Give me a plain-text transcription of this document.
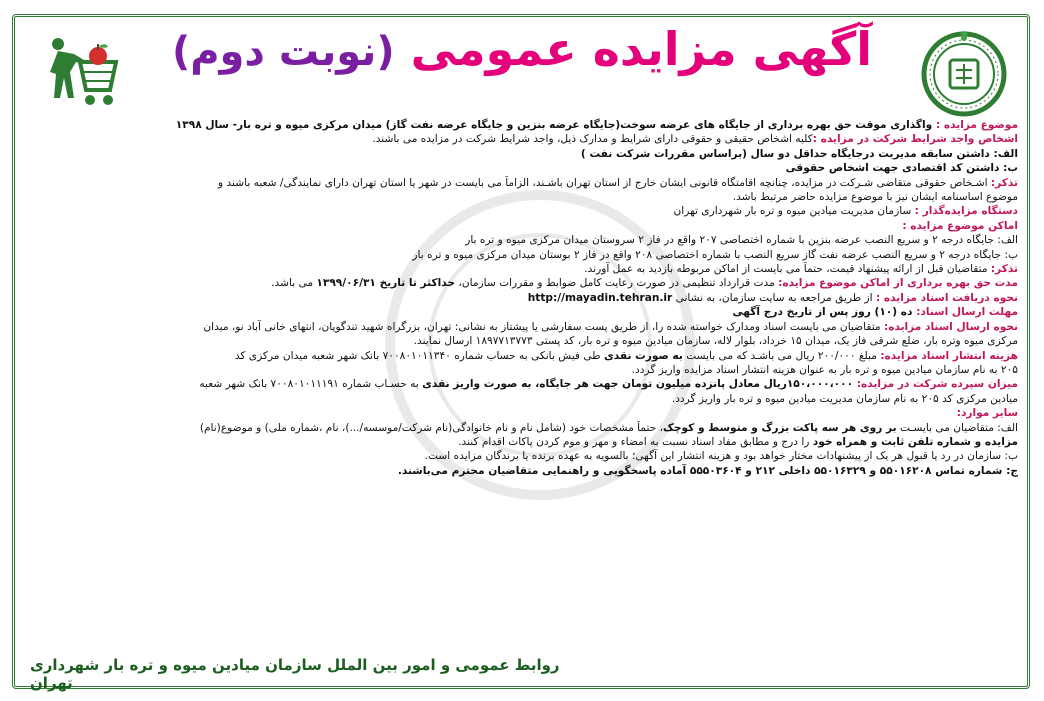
آگهی مزایده عمومی (نوبت دوم)
موضوع مزایده : واگذاری موقت حق بهره برداری از جایگاه های عرضه سوخت(جایگاه عرضه بنزین و جایگاه عرضه نفت گاز) میدان مرکزی میوه و تره بار- سال ۱۳۹۸
اشخاص واجد شرایط شرکت در مزایده :کلیه اشخاص حقیقی و حقوقی دارای شرایط و مدارک ذیل، واجد شرایط شرکت در مزایده می باشند.
الف: داشتن سابقه مدیریت درجایگاه حداقل دو سال (براساس مقررات شرکت نفت )
ب: داشتن کد اقتصادی جهت اشخاص حقوقی
تذکر: اشـخاص حقوقی متقاضی شـرکت در مزایده، چنانچه اقامتگاه قانونی ایشان خارج از استان تهران باشـند، الزاماً می بایست در شهر یا استان تهران دارای نمایندگی/ شعبه باشند و
موضوع اساسنامه ایشان نیز با موضوع مزایده حاضر مرتبط باشد.
دستگاه مزایده‌گذار : سازمان مدیریت میادین میوه و تره بار شهرداری تهران
اماکن موضوع مزایده :
الف: جایگاه درجه ۲ و سریع النصب عرضه بنزین با شماره اختصاصی ۲۰۷ واقع در فاز ۲ سروستان میدان مرکزی میوه و تره بار
ب: جایگاه درجه ۲ و سریع النصب عرضه نفت گاز سریع النصب با شماره اختصاصی ۲۰۸ واقع در فاز ۲ بوستان میدان مرکزی میوه و تره بار
تذکر: متقاضیان قبل از ارائه پیشنهاد قیمت، حتماً می بایست از اماکن مربوطه بازدید به عمل آورند.
مدت حق بهره برداری از اماکن موضوع مزایده: مدت قرارداد تنظیمی در صورت رعایت کامل ضوابط و مقررات سازمان، حداکثر تا تاریخ ۱۳۹۹/۰۶/۳۱ می باشد.
نحوه دریافت اسناد مزایده : از طریق مراجعه به سایت سازمان، به نشانی http://mayadin.tehran.ir
مهلت ارسال اسناد: ده (۱۰) روز پس از تاریخ درج آگهی
نحوه ارسال اسناد مزایده: متقاضیان می بایست اسناد ومدارک خواسته شده را، از طریق پست سفارشی یا پیشتاز به نشانی: تهران، بزرگراه شهید تندگویان، انتهای خانی آباد نو، میدان
مرکزی میوه وتره بار، ضلع شرقی فاز یک، میدان ۱۵ خرداد، بلوار لاله، سازمان میادین میوه و تره بار، کد پستی ۱۸۹۷۷۱۳۷۷۳ ارسال نمایند.
هزینه انتشار اسناد مزایده: مبلغ ۲۰۰/۰۰۰ ریال می باشـد که می بایست به صورت نقدی طی فیش بانکی به حساب شماره ۷۰۰۸۰۱۰۱۱۳۴۰ بانک شهر شعبه میدان مرکزی کد
۲۰۵ به نام سازمان میادین میوه و تره بار به عنوان هزینه انتشار اسناد مزایده واریز گردد.
میزان سپرده شرکت در مزایده: ۱۵۰،۰۰۰،۰۰۰ریال معادل پانزده میلیون تومان جهت هر جایگاه، به صورت واریز نقدی به حسـاب شماره ۷۰۰۸۰۱۰۱۱۱۹۱ بانک شهر شعبه
میادین مرکزی کد ۲۰۵ به نام سازمان مدیریت میادین میوه و تره بار واریز گردد.
سایر موارد:
الف: متقاضیان می بایسـت بر روی هر سه پاکت بزرگ و متوسط و کوچک، حتماً مشخصات خود (شامل نام و نام خانوادگی(نام شرکت/موسسه/...)، نام ،شماره ملی) و موضوع(نام)
مزایده و شماره تلفن ثابت و همراه خود را درج و مطابق مفاد اسناد نسبت به امضاء و مهر و موم کردن پاکات اقدام کنند.
ب: سازمان در رد یا قبول هر یک از پیشنهادات مختار خواهد بود و هزینه انتشار این آگهی؛ بالسویه به عهده برنده یا برندگان مزایده است.
ج: شماره تماس ۵۵۰۱۶۲۰۸ و ۵۵۰۱۶۳۲۹ داخلی ۲۱۲ و ۵۵۵۰۳۶۰۴ آماده پاسخگویی و راهنمایی متقاضیان محترم می‌باشند.
روابط عمومی و امور بین الملل سازمان میادین میوه و تره بار شهرداری تهران
